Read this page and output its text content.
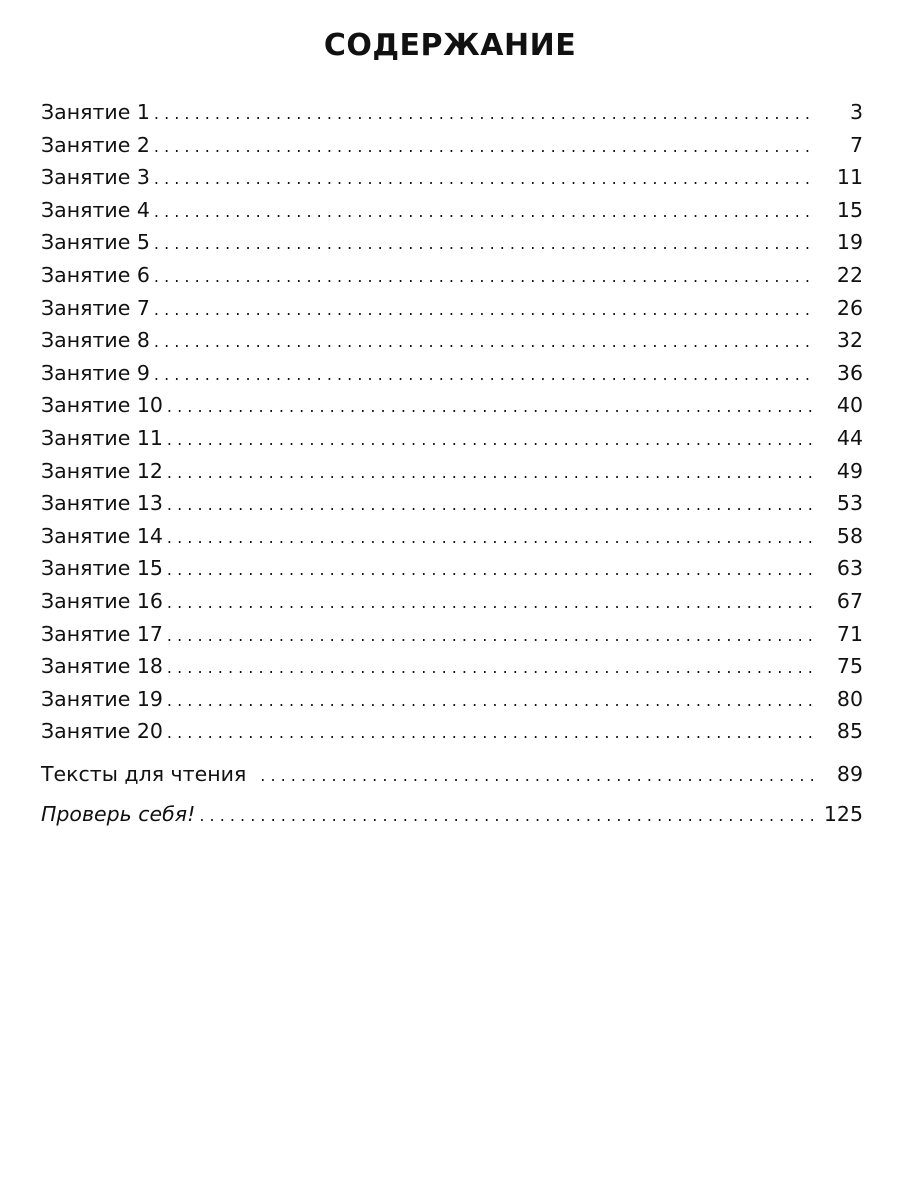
СОДЕРЖАНИЕ
Занятие 1 . . .	3
Занятие 2 . . .	7
Занятие 3 . . .	11
Занятие 4 . . .	15
Занятие 5 . . .	19
Занятие 6 . . .	22
Занятие 7 . . .	26
Занятие 8 . . .	32
Занятие 9 . . .	36
Занятие 10 . . .	40
Занятие 11 . . .	44
Занятие 12 . . .	49
Занятие 13 . . .	53
Занятие 14 . . .	58
Занятие 15 . . .	63
Занятие 16 . . .	67
Занятие 17 . . .	71
Занятие 18 . . .	75
Занятие 19 . . .	80
Занятие 20 . . .	85
Тексты для чтения . . .	89
Проверь себя! . . .	125
